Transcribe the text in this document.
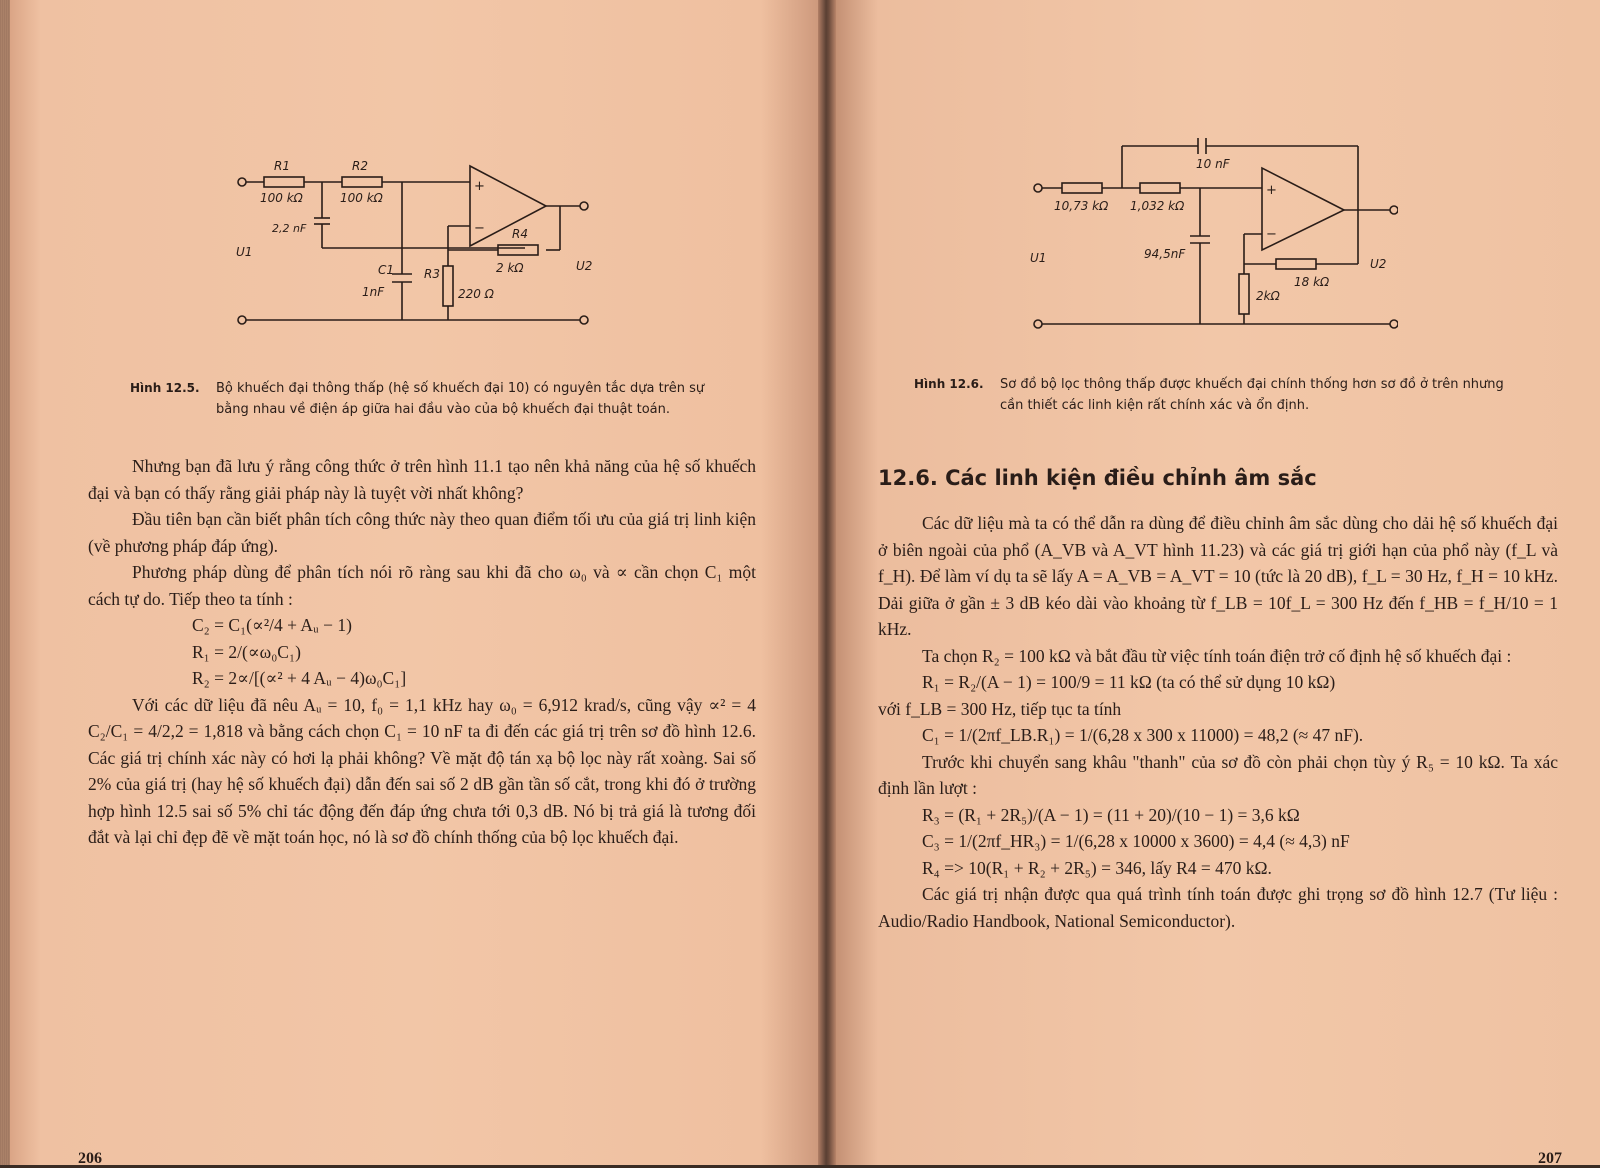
R1
100 kΩ
R2
100 kΩ
2,2 nF
C1
1nF
R3
220 Ω
R4
2 kΩ
U1
U2
+
−
Hình 12.5. Bộ khuếch đại thông thấp (hệ số khuếch đại 10) có nguyên tắc dựa trên sự bằng nhau về điện áp giữa hai đầu vào của bộ khuếch đại thuật toán.

Nhưng bạn đã lưu ý rằng công thức ở trên hình 11.1 tạo nên khả năng của hệ số khuếch đại và bạn có thấy rằng giải pháp này là tuyệt vời nhất không?

Đầu tiên bạn cần biết phân tích công thức này theo quan điểm tối ưu của giá trị linh kiện (về phương pháp đáp ứng).

Phương pháp dùng để phân tích nói rõ ràng sau khi đã cho ω₀ và ∝ cần chọn C₁ một cách tự do. Tiếp theo ta tính :

C₂ = C₁(∝²/4 + Aᵤ − 1)

R₁ = 2/(∝ω₀C₁)

R₂ = 2∝/[(∝² + 4 Aᵤ − 4)ω₀C₁]

Với các dữ liệu đã nêu Aᵤ = 10, f₀ = 1,1 kHz hay ω₀ = 6,912 krad/s, cũng vậy ∝² = 4 C₂/C₁ = 4/2,2 = 1,818 và bằng cách chọn C₁ = 10 nF ta đi đến các giá trị trên sơ đồ hình 12.6. Các giá trị chính xác này có hơi lạ phải không? Về mặt độ tán xạ bộ lọc này rất xoàng. Sai số 2% của giá trị (hay hệ số khuếch đại) dẫn đến sai số 2 dB gần tần số cắt, trong khi đó ở trường hợp hình 12.5 sai số 5% chỉ tác động đến đáp ứng chưa tới 0,3 dB. Nó bị trả giá là tương đối đắt và lại chỉ đẹp đẽ về mặt toán học, nó là sơ đồ chính thống của bộ lọc khuếch đại.

206
10 nF
10,73 kΩ 1,032 kΩ
94,5nF
18 kΩ
2kΩ
U1	U2
+
−
Hình 12.6. Sơ đồ bộ lọc thông thấp được khuếch đại chính thống hơn sơ đồ ở trên nhưng cần thiết các linh kiện rất chính xác và ổn định.
12.6. Các linh kiện điều chỉnh âm sắc

Các dữ liệu mà ta có thể dẫn ra dùng để điều chỉnh âm sắc dùng cho dải hệ số khuếch đại ở biên ngoài của phổ (A_VB và A_VT hình 11.23) và các giá trị giới hạn của phổ này (f_L và f_H). Để làm ví dụ ta sẽ lấy A = A_VB = A_VT = 10 (tức là 20 dB), f_L = 30 Hz, f_H = 10 kHz. Dải giữa ở gần ± 3 dB kéo dài vào khoảng từ f_LB = 10f_L = 300 Hz đến f_HB = f_H/10 = 1 kHz.

Ta chọn R₂ = 100 kΩ và bắt đầu từ việc tính toán điện trở cố định hệ số khuếch đại :

R₁ = R₂/(A − 1) = 100/9 = 11 kΩ (ta có thể sử dụng 10 kΩ)

với f_LB = 300 Hz, tiếp tục ta tính

C₁ = 1/(2πf_LB.R₁) = 1/(6,28 x 300 x 11000) = 48,2 (≈ 47 nF).

Trước khi chuyển sang khâu "thanh" của sơ đồ còn phải chọn tùy ý R₅ = 10 kΩ. Ta xác định lần lượt :

R₃ = (R₁ + 2R₅)/(A − 1) = (11 + 20)/(10 − 1) = 3,6 kΩ

C₃ = 1/(2πf_HR₃) = 1/(6,28 x 10000 x 3600) = 4,4 (≈ 4,3) nF

R₄ => 10(R₁ + R₂ + 2R₅) = 346, lấy R4 = 470 kΩ.

Các giá trị nhận được qua quá trình tính toán được ghi trọng sơ đồ hình 12.7 (Tư liệu : Audio/Radio Handbook, National Semiconductor).

207
